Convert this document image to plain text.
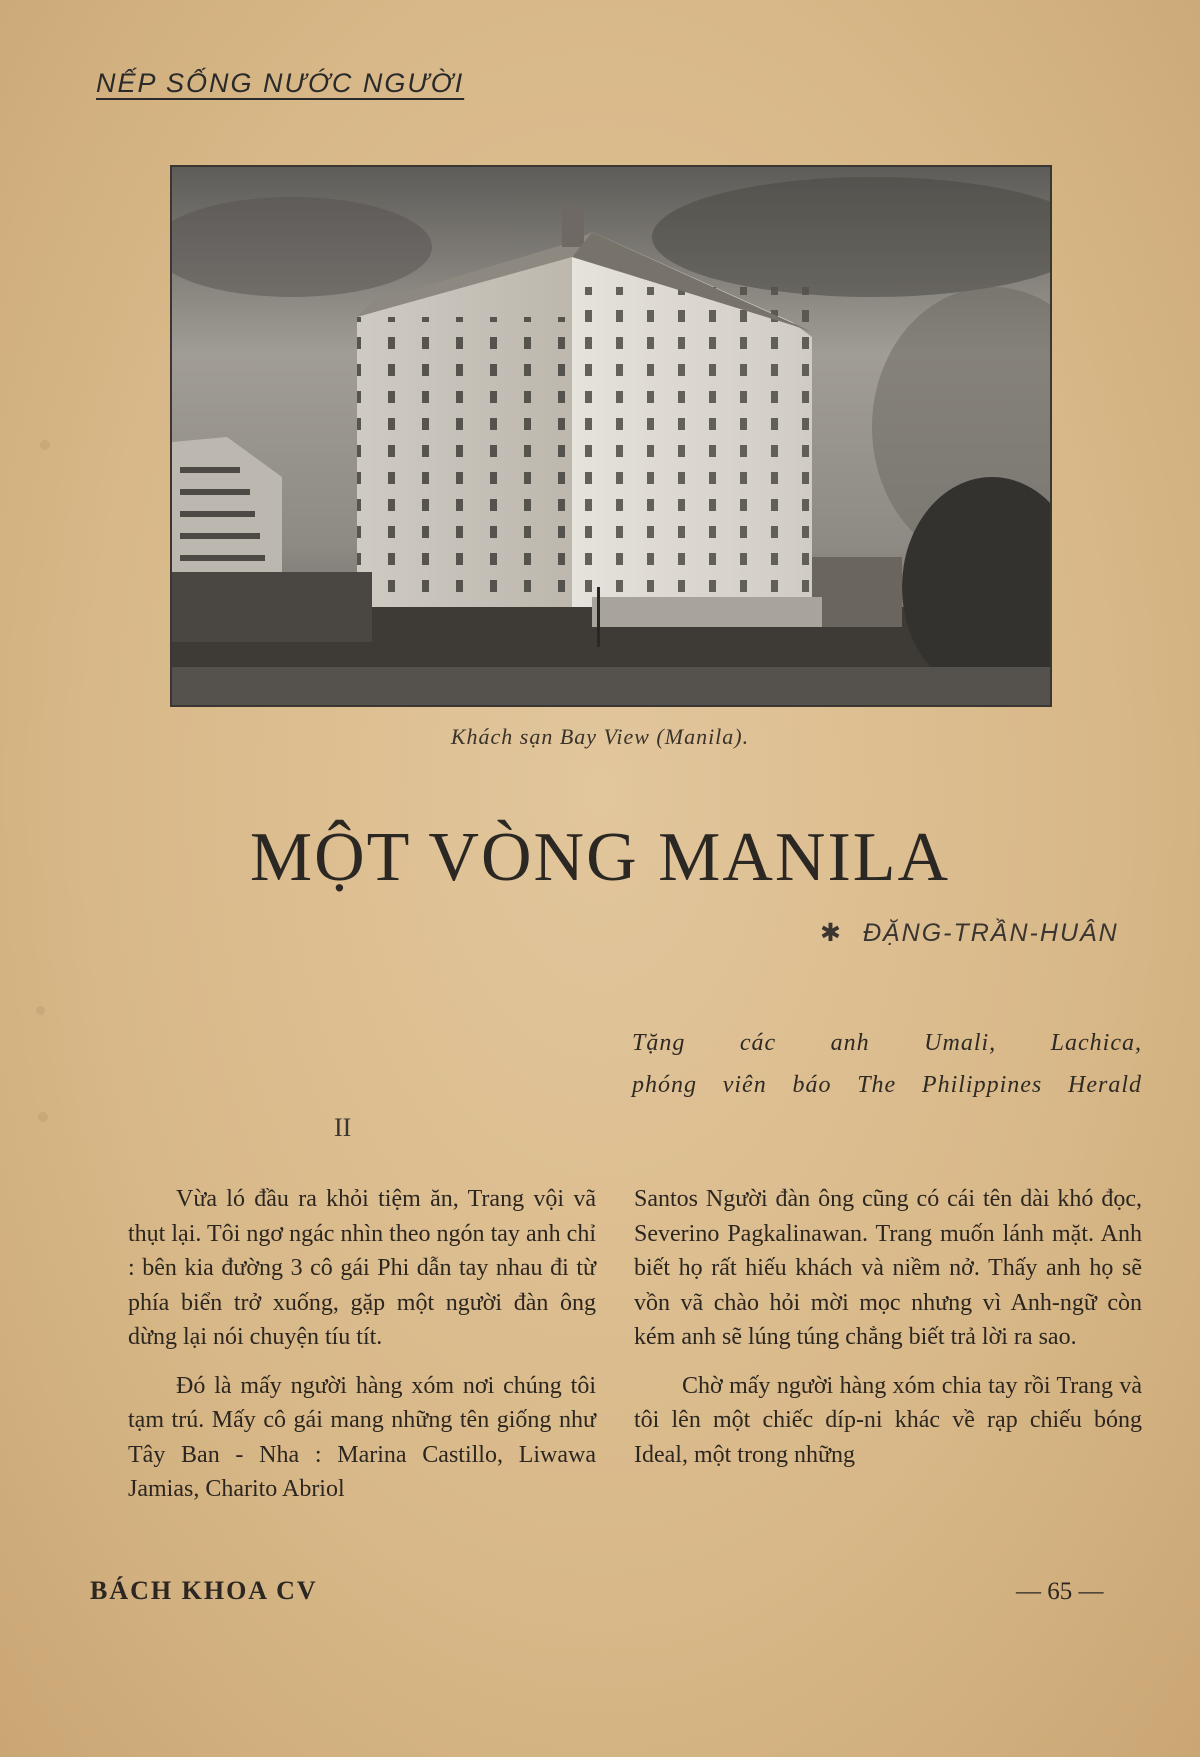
NẾP SỐNG NƯỚC NGƯỜI
Khách sạn Bay View (Manila).
MỘT VÒNG MANILA
✱ ĐẶNG-TRẦN-HUÂN
Tặng các anh Umali, Lachica,
phóng viên báo The Philippines Herald
II

Vừa ló đầu ra khỏi tiệm ăn, Trang vội vã thụt lại. Tôi ngơ ngác nhìn theo ngón tay anh chỉ : bên kia đường 3 cô gái Phi dẫn tay nhau đi từ phía biển trở xuống, gặp một người đàn ông dừng lại nói chuyện tíu tít.

Đó là mấy người hàng xóm nơi chúng tôi tạm trú. Mấy cô gái mang những tên giống như Tây Ban - Nha : Marina Castillo, Liwawa Jamias, Charito Abriol

Santos Người đàn ông cũng có cái tên dài khó đọc, Severino Pagkalinawan. Trang muốn lánh mặt. Anh biết họ rất hiếu khách và niềm nở. Thấy anh họ sẽ vồn vã chào hỏi mời mọc nhưng vì Anh-ngữ còn kém anh sẽ lúng túng chẳng biết trả lời ra sao.

Chờ mấy người hàng xóm chia tay rồi Trang và tôi lên một chiếc díp-ni khác về rạp chiếu bóng Ideal, một trong những

BÁCH KHOA CV	— 65 —
